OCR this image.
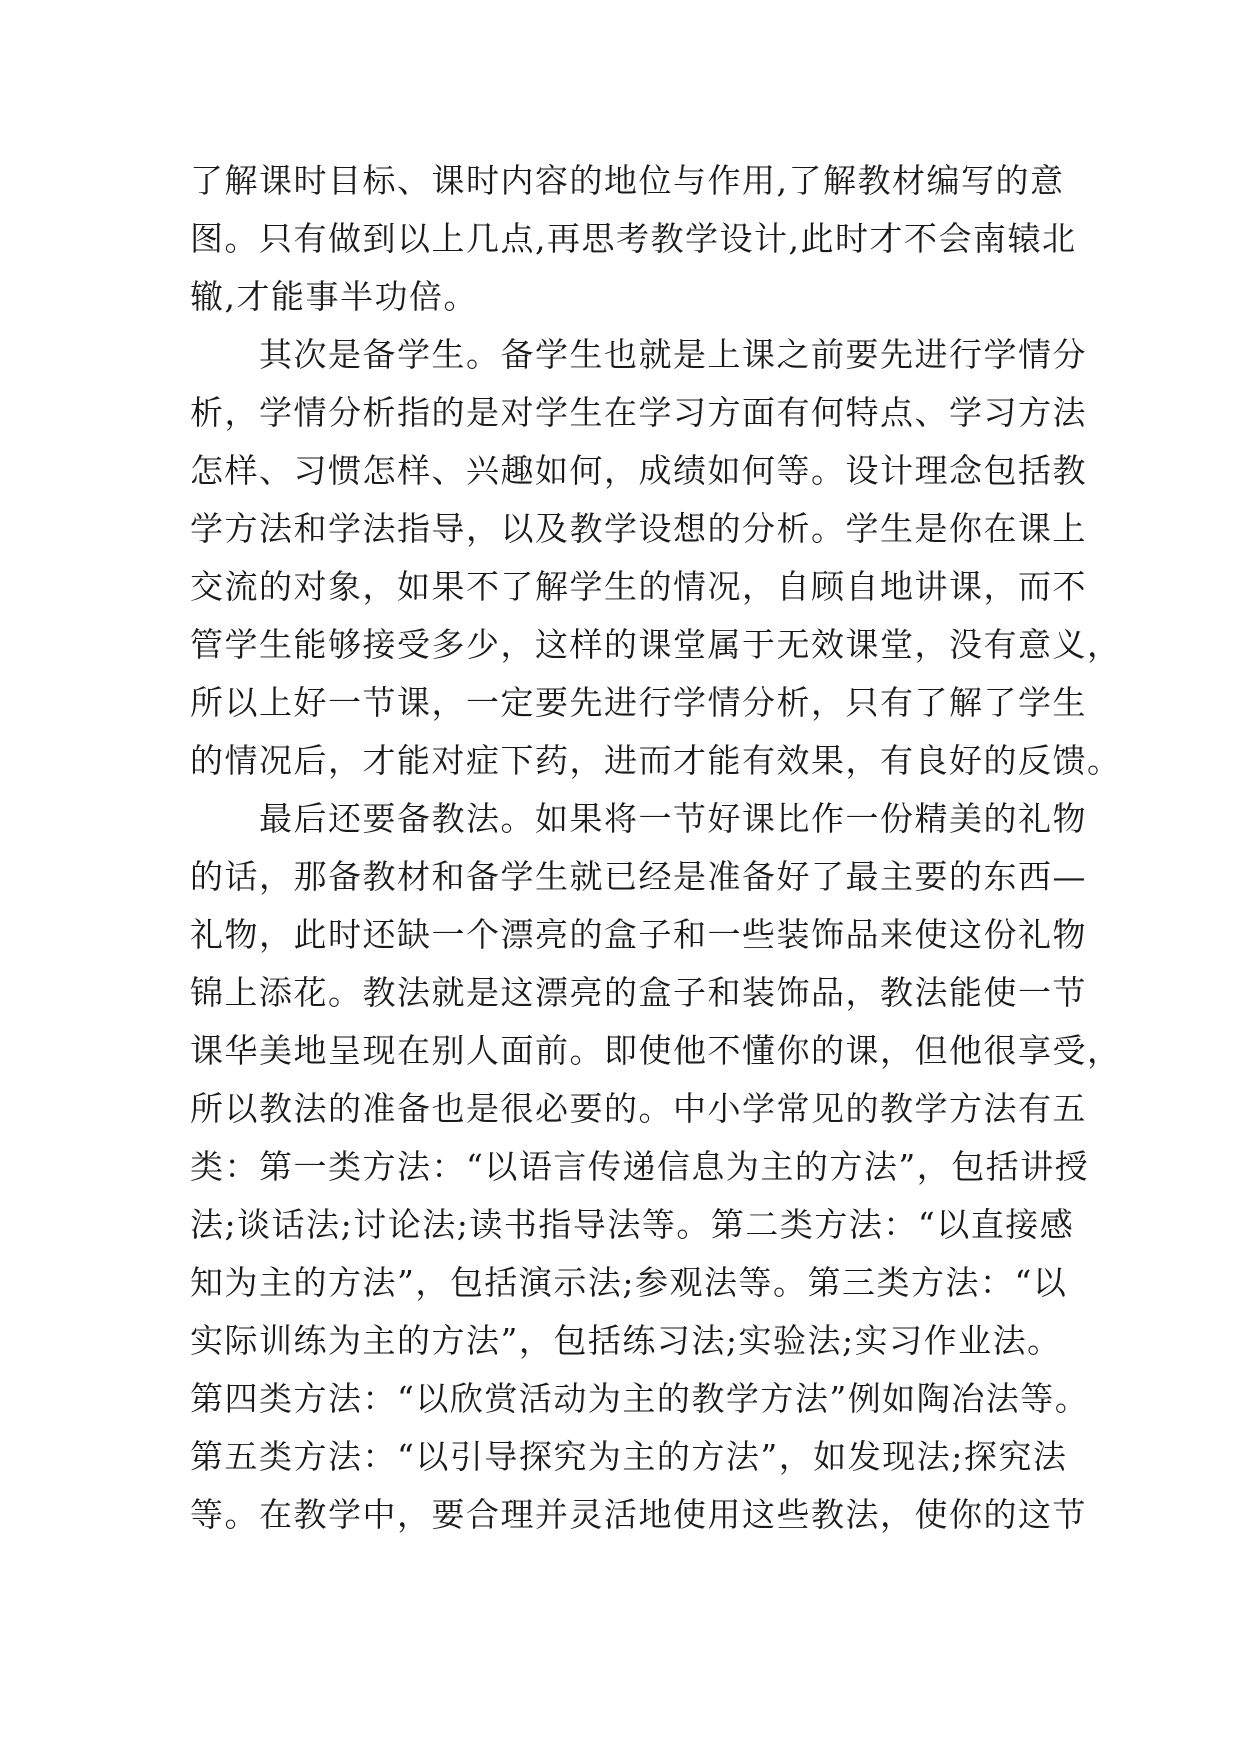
了解课时目标、课时内容的地位与作用,了解教材编写的意
图。只有做到以上几点,再思考教学设计,此时才不会南辕北
辙,才能事半功倍。
　　其次是备学生。备学生也就是上课之前要先进行学情分
析，学情分析指的是对学生在学习方面有何特点、学习方法
怎样、习惯怎样、兴趣如何，成绩如何等。设计理念包括教
学方法和学法指导，以及教学设想的分析。学生是你在课上
交流的对象，如果不了解学生的情况，自顾自地讲课，而不
管学生能够接受多少，这样的课堂属于无效课堂，没有意义，
所以上好一节课，一定要先进行学情分析，只有了解了学生
的情况后，才能对症下药，进而才能有效果，有良好的反馈。
　　最后还要备教法。如果将一节好课比作一份精美的礼物
的话，那备教材和备学生就已经是准备好了最主要的东西—
礼物，此时还缺一个漂亮的盒子和一些装饰品来使这份礼物
锦上添花。教法就是这漂亮的盒子和装饰品，教法能使一节
课华美地呈现在别人面前。即使他不懂你的课，但他很享受，
所以教法的准备也是很必要的。中小学常见的教学方法有五
类：第一类方法：“以语言传递信息为主的方法”，包括讲授
法;谈话法;讨论法;读书指导法等。第二类方法：“以直接感
知为主的方法”，包括演示法;参观法等。第三类方法：“以
实际训练为主的方法”，包括练习法;实验法;实习作业法。
第四类方法：“以欣赏活动为主的教学方法”例如陶冶法等。
第五类方法：“以引导探究为主的方法”，如发现法;探究法
等。在教学中，要合理并灵活地使用这些教法，使你的这节
